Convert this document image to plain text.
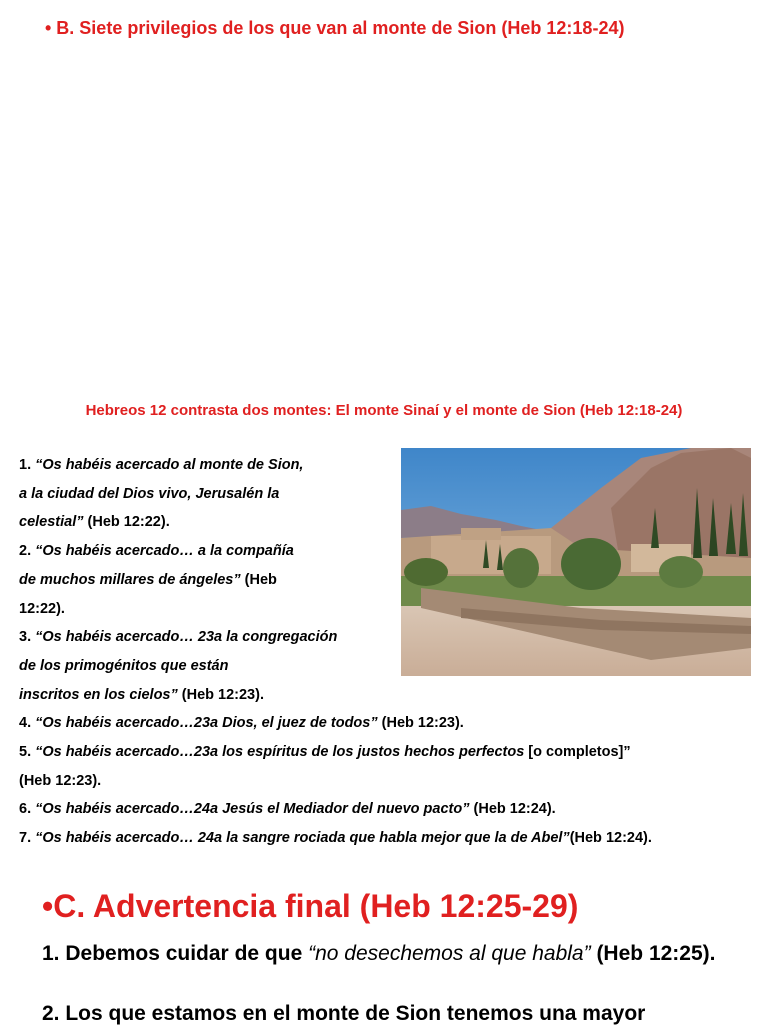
• B. Siete privilegios de los que van al monte de Sion (Heb 12:18-24)
Hebreos 12 contrasta dos montes: El monte Sinaí y el monte de Sion (Heb 12:18-24)
1. “Os habéis acercado al monte de Sion,
a la ciudad del Dios vivo, Jerusalén la
celestial” (Heb 12:22).
2. “Os habéis acercado… a la compañía
de muchos millares de ángeles” (Heb
12:22).
3. “Os habéis acercado… 23a la congregación
de los primogénitos que están
inscritos en los cielos” (Heb 12:23).
4. “Os habéis acercado…23a Dios, el juez de todos” (Heb 12:23).
5. “Os habéis acercado…23a los espíritus de los justos hechos perfectos [o completos]”
(Heb 12:23).
6. “Os habéis acercado…24a Jesús el Mediador del nuevo pacto” (Heb 12:24).
7. “Os habéis acercado… 24a la sangre rociada que habla mejor que la de Abel”(Heb 12:24).
•C. Advertencia final (Heb 12:25-29)
1. Debemos cuidar de que “no desechemos al que habla” (Heb 12:25).
2. Los que estamos en el monte de Sion tenemos una mayor
